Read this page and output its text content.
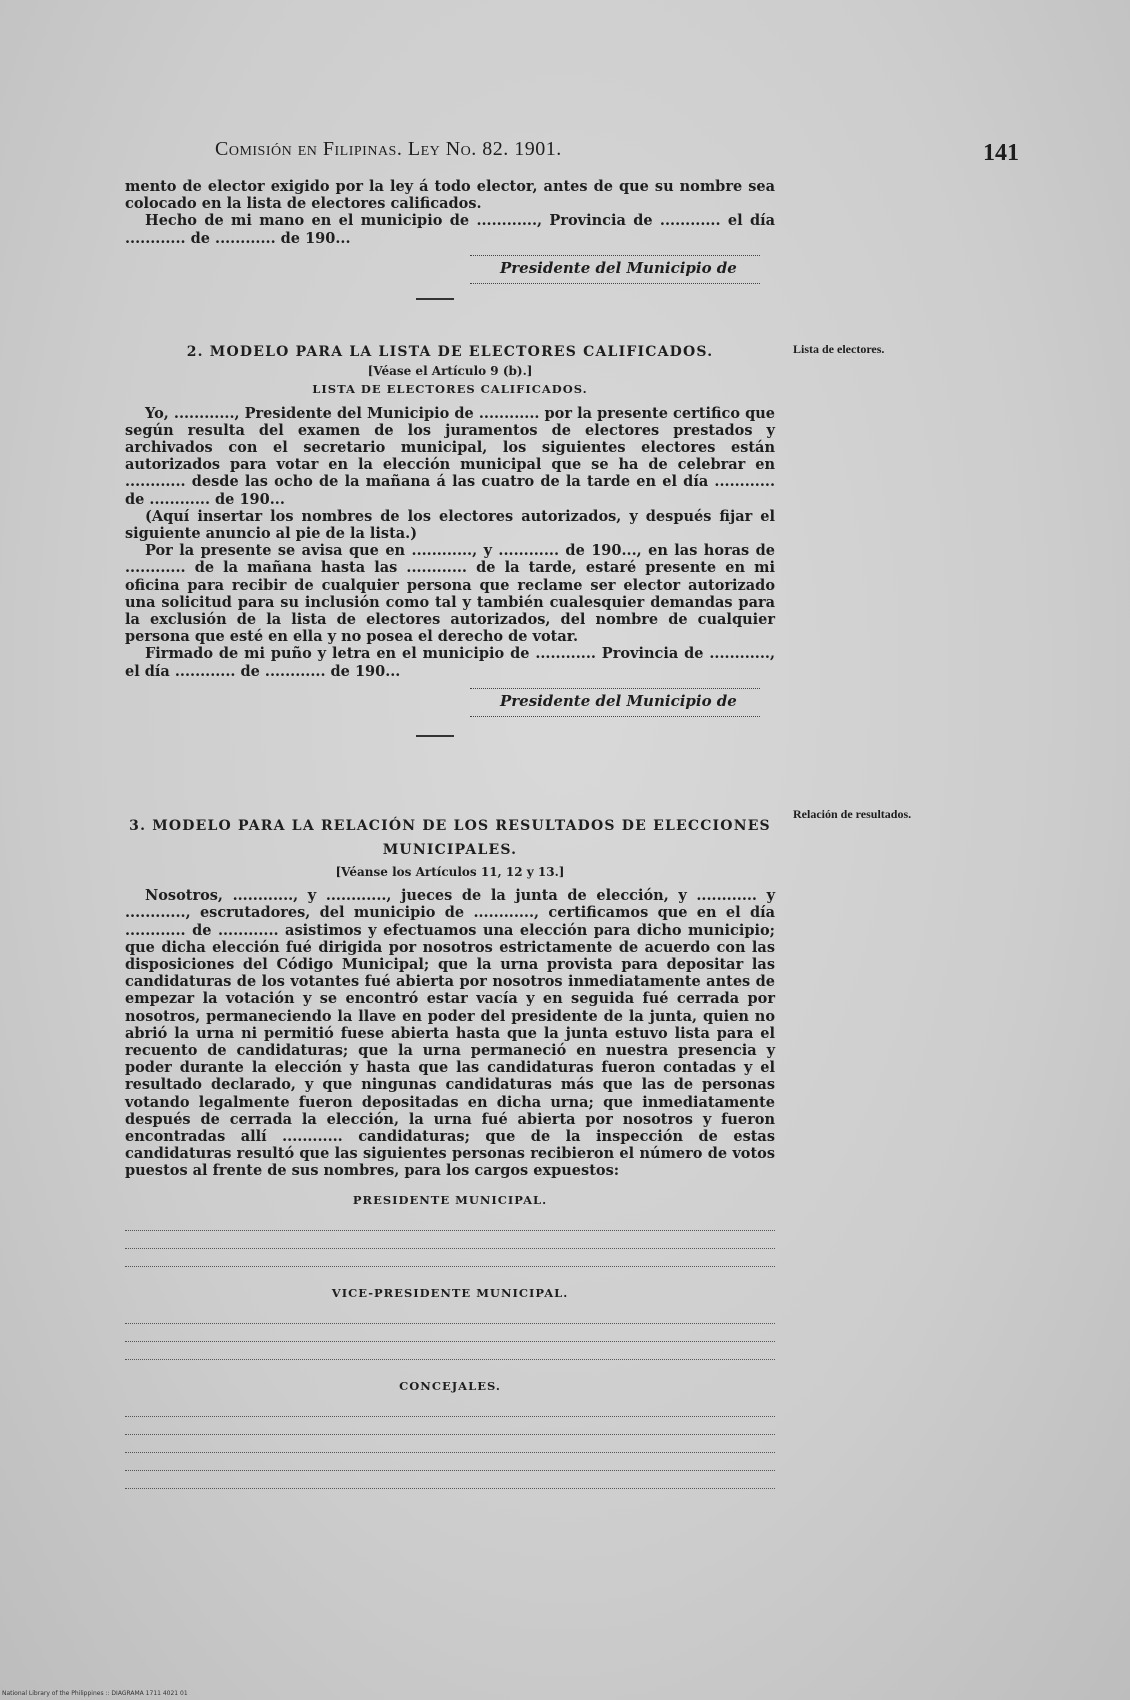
Comisión en Filipinas. Ley No. 82. 1901.	141

mento de elector exigido por la ley á todo elector, antes de que su nombre sea colocado en la lista de electores calificados.

Hecho de mi mano en el municipio de ............, Provincia de ............ el día ............ de ............ de 190...

Presidente del Municipio de
Lista de electores.
2. MODELO PARA LA LISTA DE ELECTORES CALIFICADOS.
[Véase el Artículo 9 (b).]
LISTA DE ELECTORES CALIFICADOS.

Yo, ............, Presidente del Municipio de ............ por la presente certifico que según resulta del examen de los juramentos de electores prestados y archivados con el secretario municipal, los siguientes electores están autorizados para votar en la elección municipal que se ha de celebrar en ............ desde las ocho de la mañana á las cuatro de la tarde en el día ............ de ............ de 190...

(Aquí insertar los nombres de los electores autorizados, y después fijar el siguiente anuncio al pie de la lista.)

Por la presente se avisa que en ............, y ............ de 190..., en las horas de ............ de la mañana hasta las ............ de la tarde, estaré presente en mi oficina para recibir de cualquier persona que reclame ser elector autorizado una solicitud para su inclusión como tal y también cualesquier demandas para la exclusión de la lista de electores autorizados, del nombre de cualquier persona que esté en ella y no posea el derecho de votar.

Firmado de mi puño y letra en el municipio de ............ Provincia de ............, el día ............ de ............ de 190...

Presidente del Municipio de
Relación de resultados.
3. MODELO PARA LA RELACIÓN DE LOS RESULTADOS DE ELECCIONES MUNICIPALES.
[Véanse los Artículos 11, 12 y 13.]

Nosotros, ............, y ............, jueces de la junta de elección, y ............ y ............, escrutadores, del municipio de ............, certificamos que en el día ............ de ............ asistimos y efectuamos una elección para dicho municipio; que dicha elección fué dirigida por nosotros estrictamente de acuerdo con las disposiciones del Código Municipal; que la urna provista para depositar las candidaturas de los votantes fué abierta por nosotros inmediatamente antes de empezar la votación y se encontró estar vacía y en seguida fué cerrada por nosotros, permaneciendo la llave en poder del presidente de la junta, quien no abrió la urna ni permitió fuese abierta hasta que la junta estuvo lista para el recuento de candidaturas; que la urna permaneció en nuestra presencia y poder durante la elección y hasta que las candidaturas fueron contadas y el resultado declarado, y que ningunas candidaturas más que las de personas votando legalmente fueron depositadas en dicha urna; que inmediatamente después de cerrada la elección, la urna fué abierta por nosotros y fueron encontradas allí ............ candidaturas; que de la inspección de estas candidaturas resultó que las siguientes personas recibieron el número de votos puestos al frente de sus nombres, para los cargos expuestos:

PRESIDENTE MUNICIPAL.
VICE-PRESIDENTE MUNICIPAL.
CONCEJALES.
National Library of the Philippines :: DIAGRAMA 1711 4021 01
